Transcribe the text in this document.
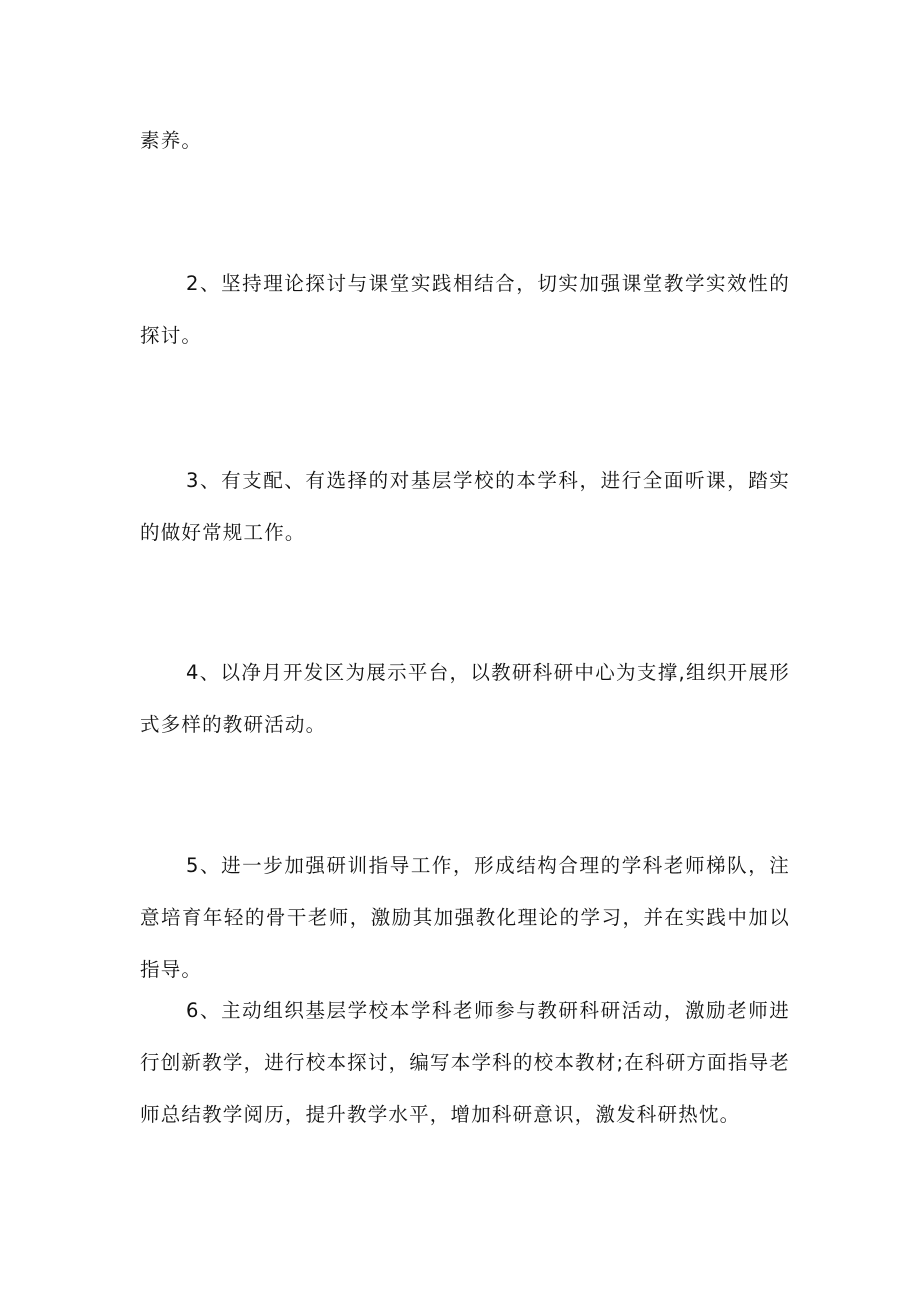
素养。

2、坚持理论探讨与课堂实践相结合，切实加强课堂教学实效性的探讨。

3、有支配、有选择的对基层学校的本学科，进行全面听课，踏实的做好常规工作。

4、以净月开发区为展示平台，以教研科研中心为支撑,组织开展形式多样的教研活动。

5、进一步加强研训指导工作，形成结构合理的学科老师梯队，注意培育年轻的骨干老师，激励其加强教化理论的学习，并在实践中加以指导。

6、主动组织基层学校本学科老师参与教研科研活动，激励老师进行创新教学，进行校本探讨，编写本学科的校本教材;在科研方面指导老师总结教学阅历，提升教学水平，增加科研意识，激发科研热忱。
